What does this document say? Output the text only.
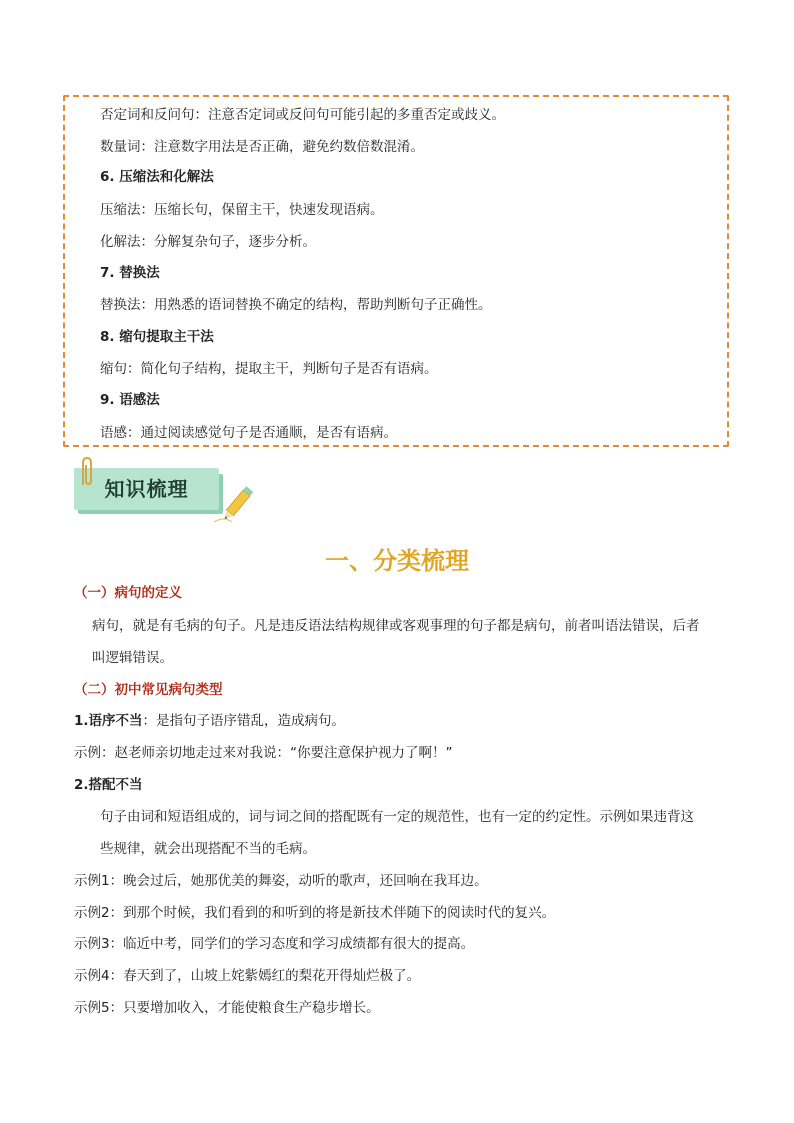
否定词和反问句：注意否定词或反问句可能引起的多重否定或歧义。
数量词：注意数字用法是否正确，避免约数倍数混淆。
6. 压缩法和化解法
压缩法：压缩长句，保留主干，快速发现语病。
化解法：分解复杂句子，逐步分析。
7. 替换法
替换法：用熟悉的语词替换不确定的结构，帮助判断句子正确性。
8. 缩句提取主干法
缩句：简化句子结构，提取主干，判断句子是否有语病。
9. 语感法
语感：通过阅读感觉句子是否通顺，是否有语病。
知识梳理
一、分类梳理
（一）病句的定义
病句，就是有毛病的句子。凡是违反语法结构规律或客观事理的句子都是病句，前者叫语法错误，后者
叫逻辑错误。
（二）初中常见病句类型
1.语序不当：是指句子语序错乱，造成病句。
示例：赵老师亲切地走过来对我说：“你要注意保护视力了啊！”
2.搭配不当
句子由词和短语组成的，词与词之间的搭配既有一定的规范性，也有一定的约定性。示例如果违背这
些规律，就会出现搭配不当的毛病。
示例1：晚会过后，她那优美的舞姿，动听的歌声，还回响在我耳边。
示例2：到那个时候，我们看到的和听到的将是新技术伴随下的阅读时代的复兴。
示例3：临近中考，同学们的学习态度和学习成绩都有很大的提高。
示例4：春天到了，山坡上姹紫嫣红的梨花开得灿烂极了。
示例5：只要增加收入，才能使粮食生产稳步增长。
